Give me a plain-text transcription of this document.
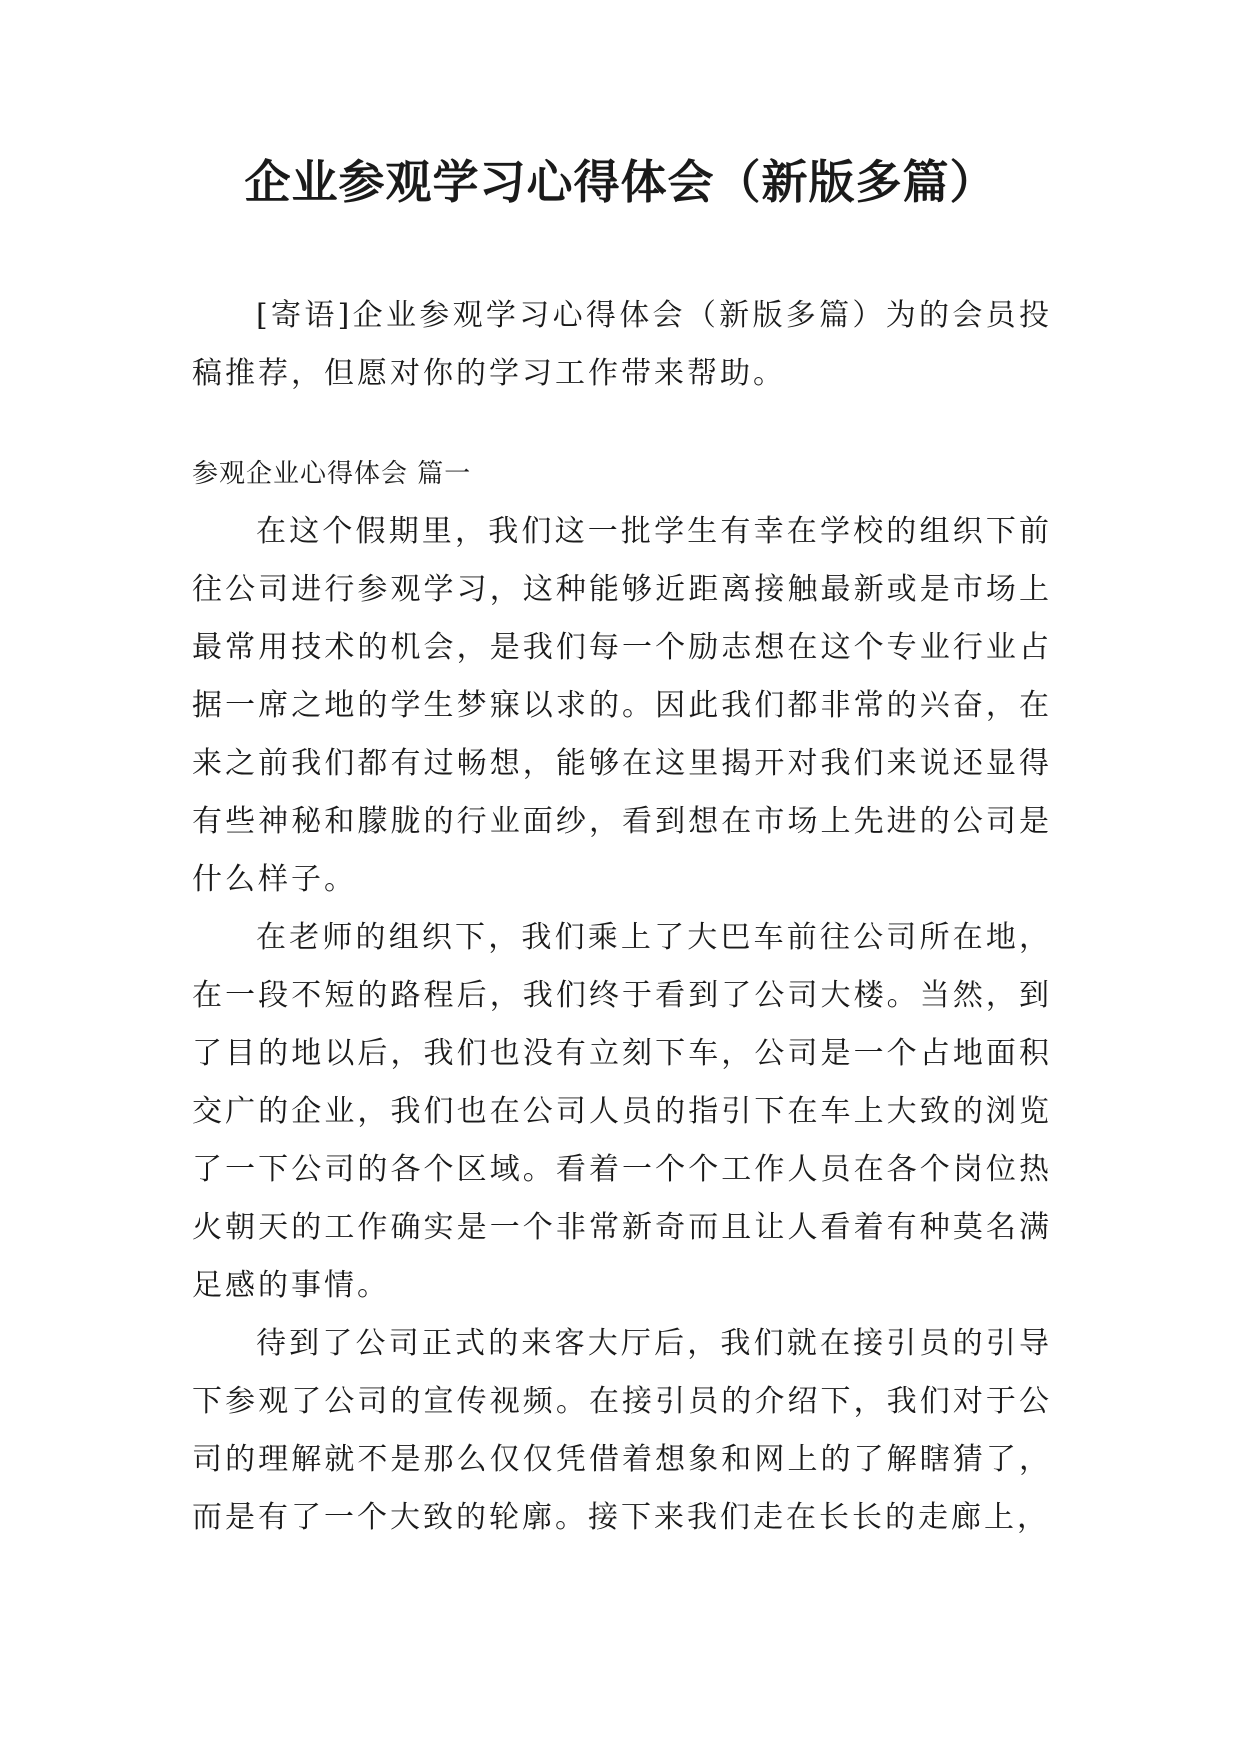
企业参观学习心得体会（新版多篇）

[寄语]企业参观学习心得体会（新版多篇）为的会员投稿推荐，但愿对你的学习工作带来帮助。

参观企业心得体会 篇一

在这个假期里，我们这一批学生有幸在学校的组织下前往公司进行参观学习，这种能够近距离接触最新或是市场上最常用技术的机会，是我们每一个励志想在这个专业行业占据一席之地的学生梦寐以求的。因此我们都非常的兴奋，在来之前我们都有过畅想，能够在这里揭开对我们来说还显得有些神秘和朦胧的行业面纱，看到想在市场上先进的公司是什么样子。

在老师的组织下，我们乘上了大巴车前往公司所在地，在一段不短的路程后，我们终于看到了公司大楼。当然，到了目的地以后，我们也没有立刻下车，公司是一个占地面积交广的企业，我们也在公司人员的指引下在车上大致的浏览了一下公司的各个区域。看着一个个工作人员在各个岗位热火朝天的工作确实是一个非常新奇而且让人看着有种莫名满足感的事情。

待到了公司正式的来客大厅后，我们就在接引员的引导下参观了公司的宣传视频。在接引员的介绍下，我们对于公司的理解就不是那么仅仅凭借着想象和网上的了解瞎猜了，而是有了一个大致的轮廓。接下来我们走在长长的走廊上，
